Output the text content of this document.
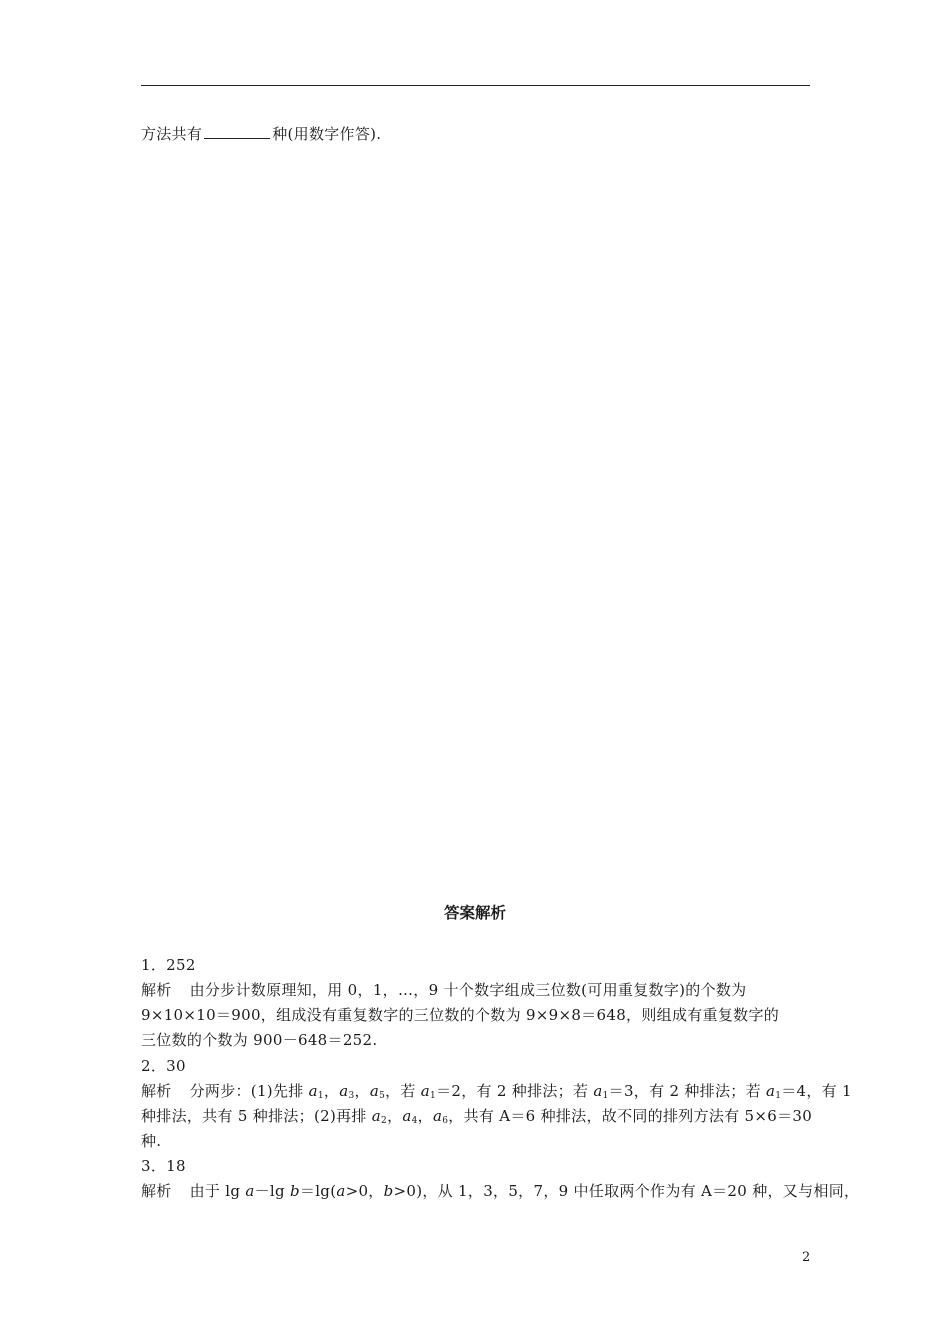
方法共有	种(用数字作答).
答案解析
1．252
解析 由分步计数原理知，用 0，1，…，9 十个数字组成三位数(可用重复数字)的个数为
9×10×10＝900，组成没有重复数字的三位数的个数为 9×9×8＝648，则组成有重复数字的
三位数的个数为 900－648＝252.
2．30
解析 分两步：(1)先排 $a_1$，$a_3$，$a_5$，若 $a_1=2$，有 2 种排法；若 $a_1=3$，有 2 种排法；若 $a_1=4$，有 1
种排法，共有 5 种排法；(2)再排 $a_2$，$a_4$，$a_6$，共有 A＝6 种排法，故不同的排列方法有 5×6＝30
种.
3．18
解析 由于 lg a－lg b＝lg(a>0，b>0)，从 1，3，5，7，9 中任取两个作为有 A＝20 种，又与相同，
2
